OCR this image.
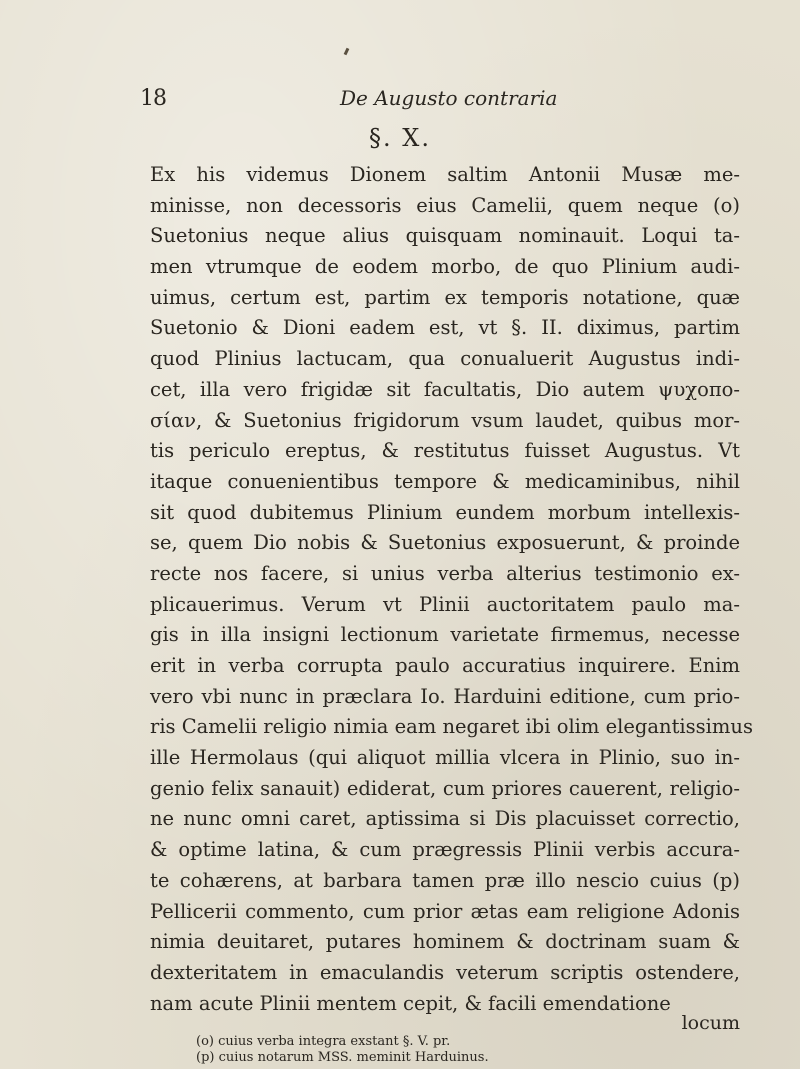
18	De Augusto contraria
§. X.
Ex his videmus Dionem saltim Antonii Musæ me-
minisse, non decessoris eius Camelii, quem neque (o)
Suetonius neque alius quisquam nominauit. Loqui ta-
men vtrumque de eodem morbo, de quo Plinium audi-
uimus, certum est, partim ex temporis notatione, quæ
Suetonio & Dioni eadem est, vt §. II. diximus, partim
quod Plinius lactucam, qua conualuerit Augustus indi-
cet, illa vero frigidæ sit facultatis, Dio autem ψυχοπο-
σίαν, & Suetonius frigidorum vsum laudet, quibus mor-
tis periculo ereptus, & restitutus fuisset Augustus. Vt
itaque conuenientibus tempore & medicaminibus, nihil
sit quod dubitemus Plinium eundem morbum intellexis-
se, quem Dio nobis & Suetonius exposuerunt, & proinde
recte nos facere, si unius verba alterius testimonio ex-
plicauerimus. Verum vt Plinii auctoritatem paulo ma-
gis in illa insigni lectionum varietate firmemus, necesse
erit in verba corrupta paulo accuratius inquirere. Enim
vero vbi nunc in præclara Io. Harduini editione, cum prio-
ris Camelii religio nimia eam negaret ibi olim elegantissimus
ille Hermolaus (qui aliquot millia vlcera in Plinio, suo in-
genio felix sanauit) ediderat, cum priores cauerent, religio-
ne nunc omni caret, aptissima si Dis placuisset correctio,
& optime latina, & cum prægressis Plinii verbis accura-
te cohærens, at barbara tamen præ illo nescio cuius (p)
Pellicerii commento, cum prior ætas eam religione Adonis
nimia deuitaret, putares hominem & doctrinam suam &
dexteritatem in emaculandis veterum scriptis ostendere,
nam acute Plinii mentem cepit, & facili emendatione
locum
(o) cuius verba integra exstant §. V. pr.
(p) cuius notarum MSS. meminit Harduinus.
